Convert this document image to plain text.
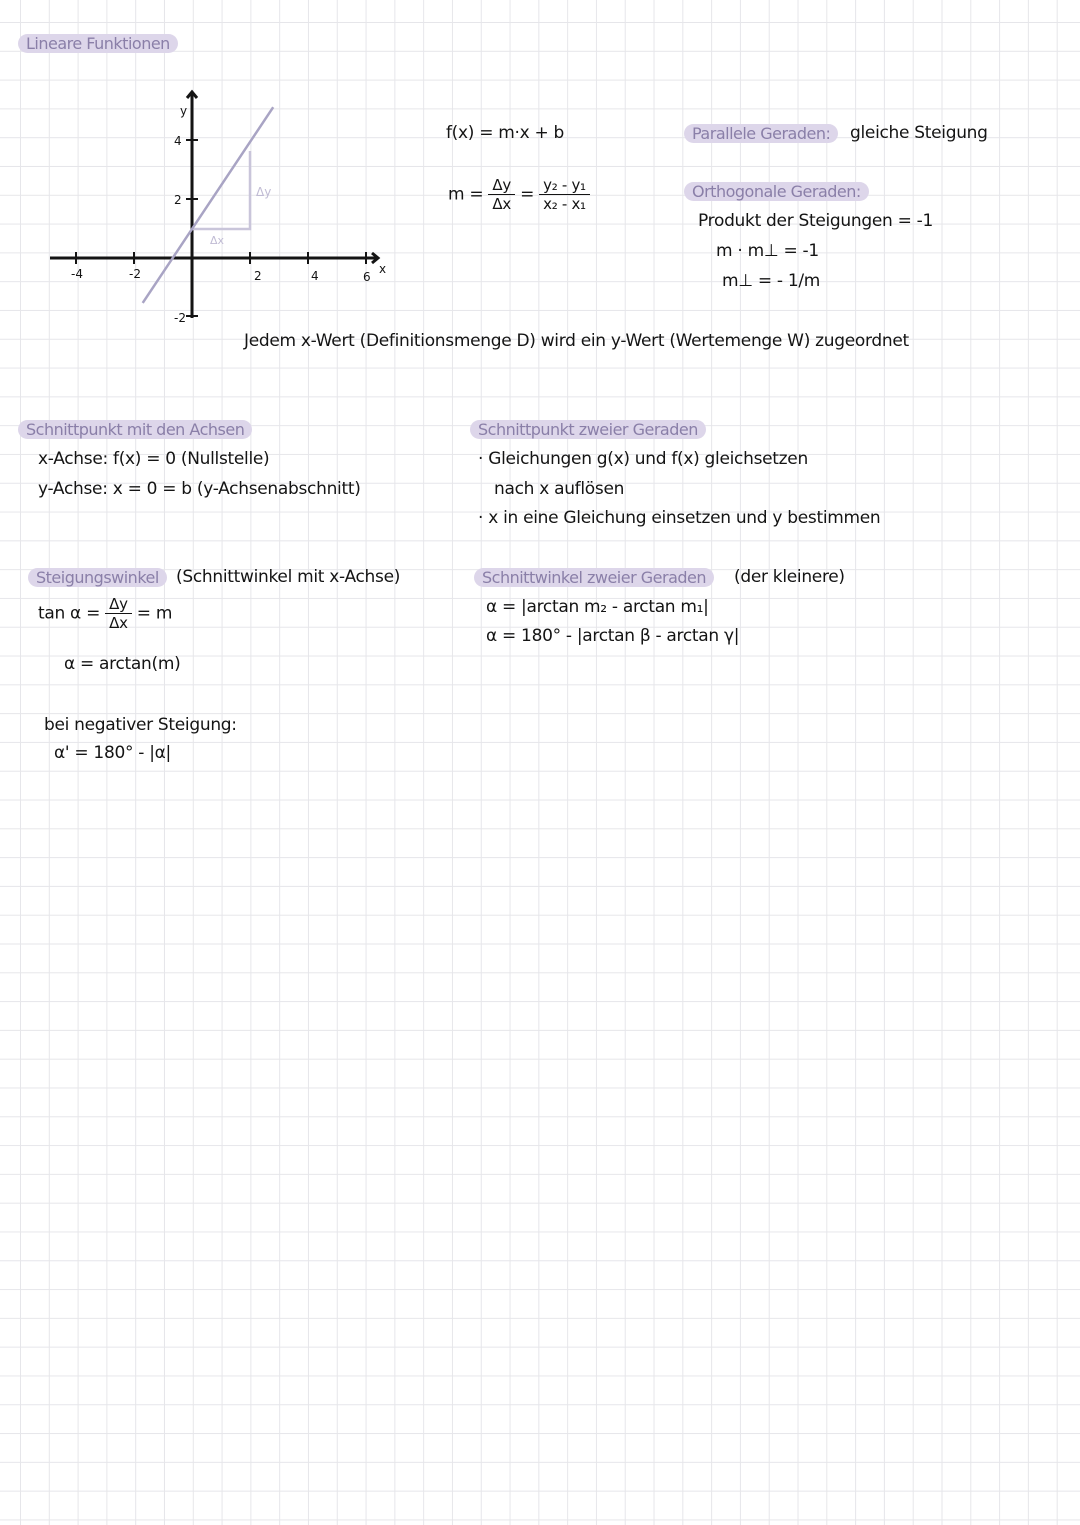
Lineare Funktionen
-4	-2	2	4	6
x
4
2
-2
y
Δy
Δx
f(x) = m·x + b
$m = \frac{\Delta y}{\Delta x} = \frac{\text{y₂ - y₁}}{\text{x₂ - x₁}}$
Parallele Geraden:	gleiche Steigung
Orthogonale Geraden:
Produkt der Steigungen = -1
m · m⊥ = -1
m⊥ = - 1/m
Jedem x-Wert (Definitionsmenge D) wird ein y-Wert (Wertemenge W) zugeordnet
Schnittpunkt mit den Achsen
x-Achse: f(x) = 0 (Nullstelle)
y-Achse: x = 0 = b (y-Achsenabschnitt)
Schnittpunkt zweier Geraden
· Gleichungen g(x) und f(x) gleichsetzen
nach x auflösen
· x in eine Gleichung einsetzen und y bestimmen
Steigungswinkel	(Schnittwinkel mit x-Achse)
$\tan \alpha = \frac{\Delta y}{\Delta x} = m$
α = arctan(m)
bei negativer Steigung:
α' = 180° - |α|
Schnittwinkel zweier Geraden	(der kleinere)
α = |arctan m₂ - arctan m₁|
α = 180° - |arctan β - arctan γ|
